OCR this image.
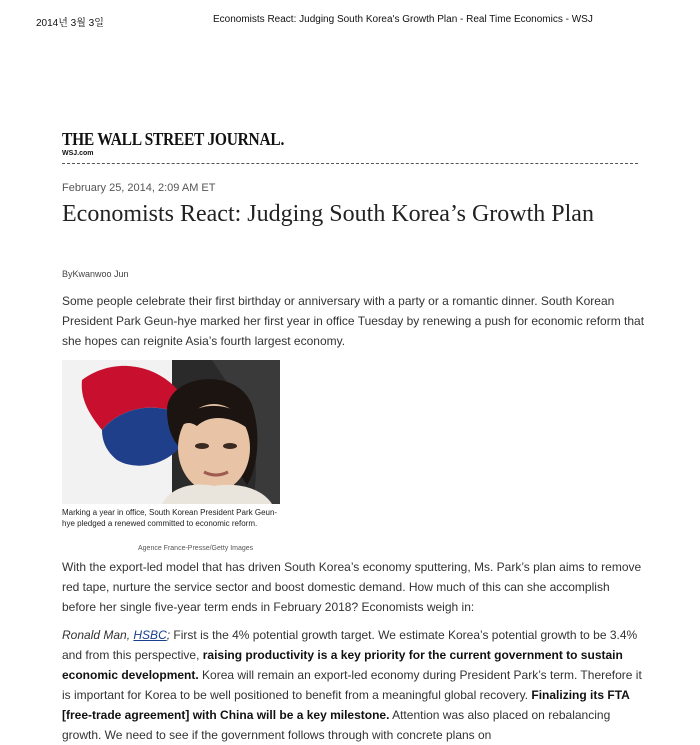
2014년 3월 3일	Economists React: Judging South Korea's Growth Plan - Real Time Economics - WSJ
THE WALL STREET JOURNAL.
WSJ.com
February 25, 2014, 2:09 AM ET
Economists React: Judging South Korea’s Growth Plan
ByKwanwoo Jun

Some people celebrate their first birthday or anniversary with a party or a romantic dinner. South Korean President Park Geun-hye marked her first year in office Tuesday by renewing a push for economic reform that she hopes can reignite Asia’s fourth largest economy.

Marking a year in office, South Korean President Park Geun-hye pledged a renewed committed to economic reform.

Agence France-Presse/Getty Images

With the export-led model that has driven South Korea’s economy sputtering, Ms. Park’s plan aims to remove red tape, nurture the service sector and boost domestic demand. How much of this can she accomplish before her single five-year term ends in February 2018? Economists weigh in:

Ronald Man, HSBC; First is the 4% potential growth target. We estimate Korea’s potential growth to be 3.4% and from this perspective, raising productivity is a key priority for the current government to sustain economic development. Korea will remain an export-led economy during President Park’s term. Therefore it is important for Korea to be well positioned to benefit from a meaningful global recovery. Finalizing its FTA [free-trade agreement] with China will be a key milestone. Attention was also placed on rebalancing growth. We need to see if the government follows through with concrete plans on
